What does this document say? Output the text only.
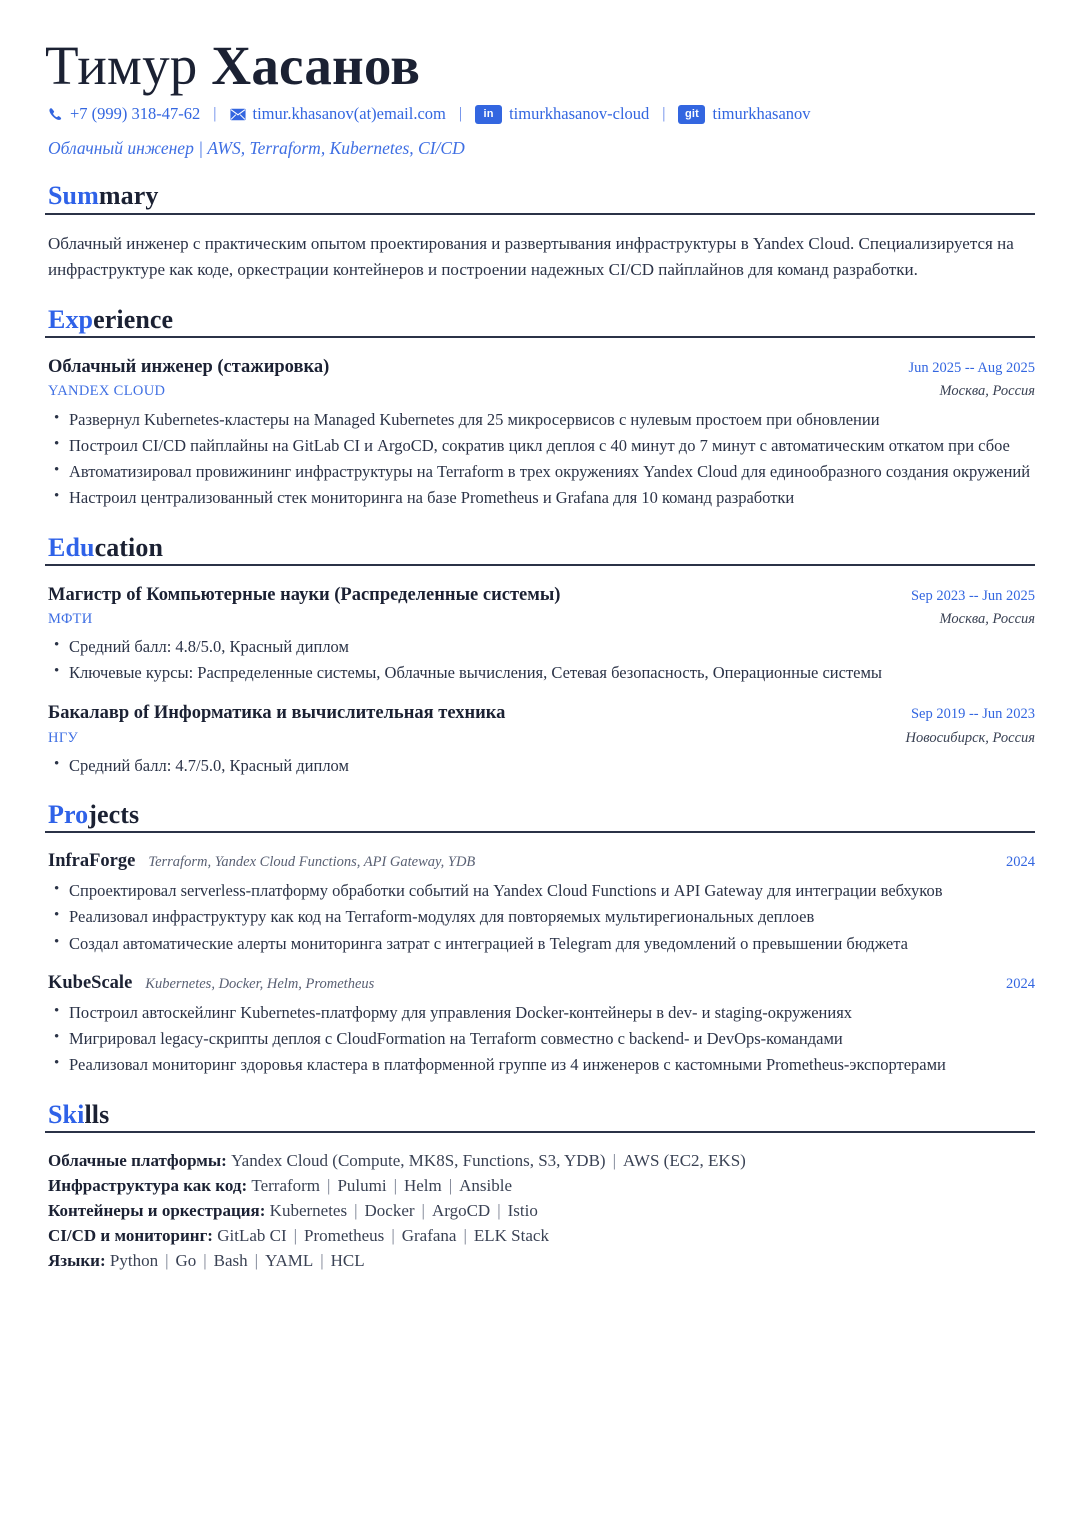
Тимур Хасанов
+7 (999) 318-47-62 |	timur.khasanov(at)email.com |	in timurkhasanov-cloud |	git timurkhasanov
Облачный инженер | AWS, Terraform, Kubernetes, CI/CD
Summary
Облачный инженер с практическим опытом проектирования и развертывания инфраструктуры в Yandex Cloud. Специализируется на инфраструктуре как коде, оркестрации контейнеров и построении надежных CI/CD пайплайнов для команд разработки.
Experience
Облачный инженер (стажировка)	Jun 2025 -- Aug 2025
YANDEX CLOUD	Москва, Россия
• Развернул Kubernetes-кластеры на Managed Kubernetes для 25 микросервисов с нулевым простоем при обновлении
• Построил CI/CD пайплайны на GitLab CI и ArgoCD, сократив цикл деплоя с 40 минут до 7 минут с автоматическим откатом при сбое
• Автоматизировал провижининг инфраструктуры на Terraform в трех окружениях Yandex Cloud для единообразного создания окружений
• Настроил централизованный стек мониторинга на базе Prometheus и Grafana для 10 команд разработки
Education
Магистр of Компьютерные науки (Распределенные системы)	Sep 2023 -- Jun 2025
МФТИ	Москва, Россия
• Средний балл: 4.8/5.0, Красный диплом
• Ключевые курсы: Распределенные системы, Облачные вычисления, Сетевая безопасность, Операционные системы
Бакалавр of Информатика и вычислительная техника	Sep 2019 -- Jun 2023
НГУ	Новосибирск, Россия
• Средний балл: 4.7/5.0, Красный диплом
Projects
InfraForge Terraform, Yandex Cloud Functions, API Gateway, YDB	2024
• Спроектировал serverless-платформу обработки событий на Yandex Cloud Functions и API Gateway для интеграции вебхуков
• Реализовал инфраструктуру как код на Terraform-модулях для повторяемых мультирегиональных деплоев
• Создал автоматические алерты мониторинга затрат с интеграцией в Telegram для уведомлений о превышении бюджета
KubeScale Kubernetes, Docker, Helm, Prometheus	2024
• Построил автоскейлинг Kubernetes-платформу для управления Docker-контейнеры в dev- и staging-окружениях
• Мигрировал legacy-скрипты деплоя с CloudFormation на Terraform совместно с backend- и DevOps-командами
• Реализовал мониторинг здоровья кластера в платформенной группе из 4 инженеров с кастомными Prometheus-экспортерами
Skills
Облачные платформы: Yandex Cloud (Compute, MK8S, Functions, S3, YDB) | AWS (EC2, EKS)
Инфраструктура как код: Terraform | Pulumi | Helm | Ansible
Контейнеры и оркестрация: Kubernetes | Docker | ArgoCD | Istio
CI/CD и мониторинг: GitLab CI | Prometheus | Grafana | ELK Stack
Языки: Python | Go | Bash | YAML | HCL
